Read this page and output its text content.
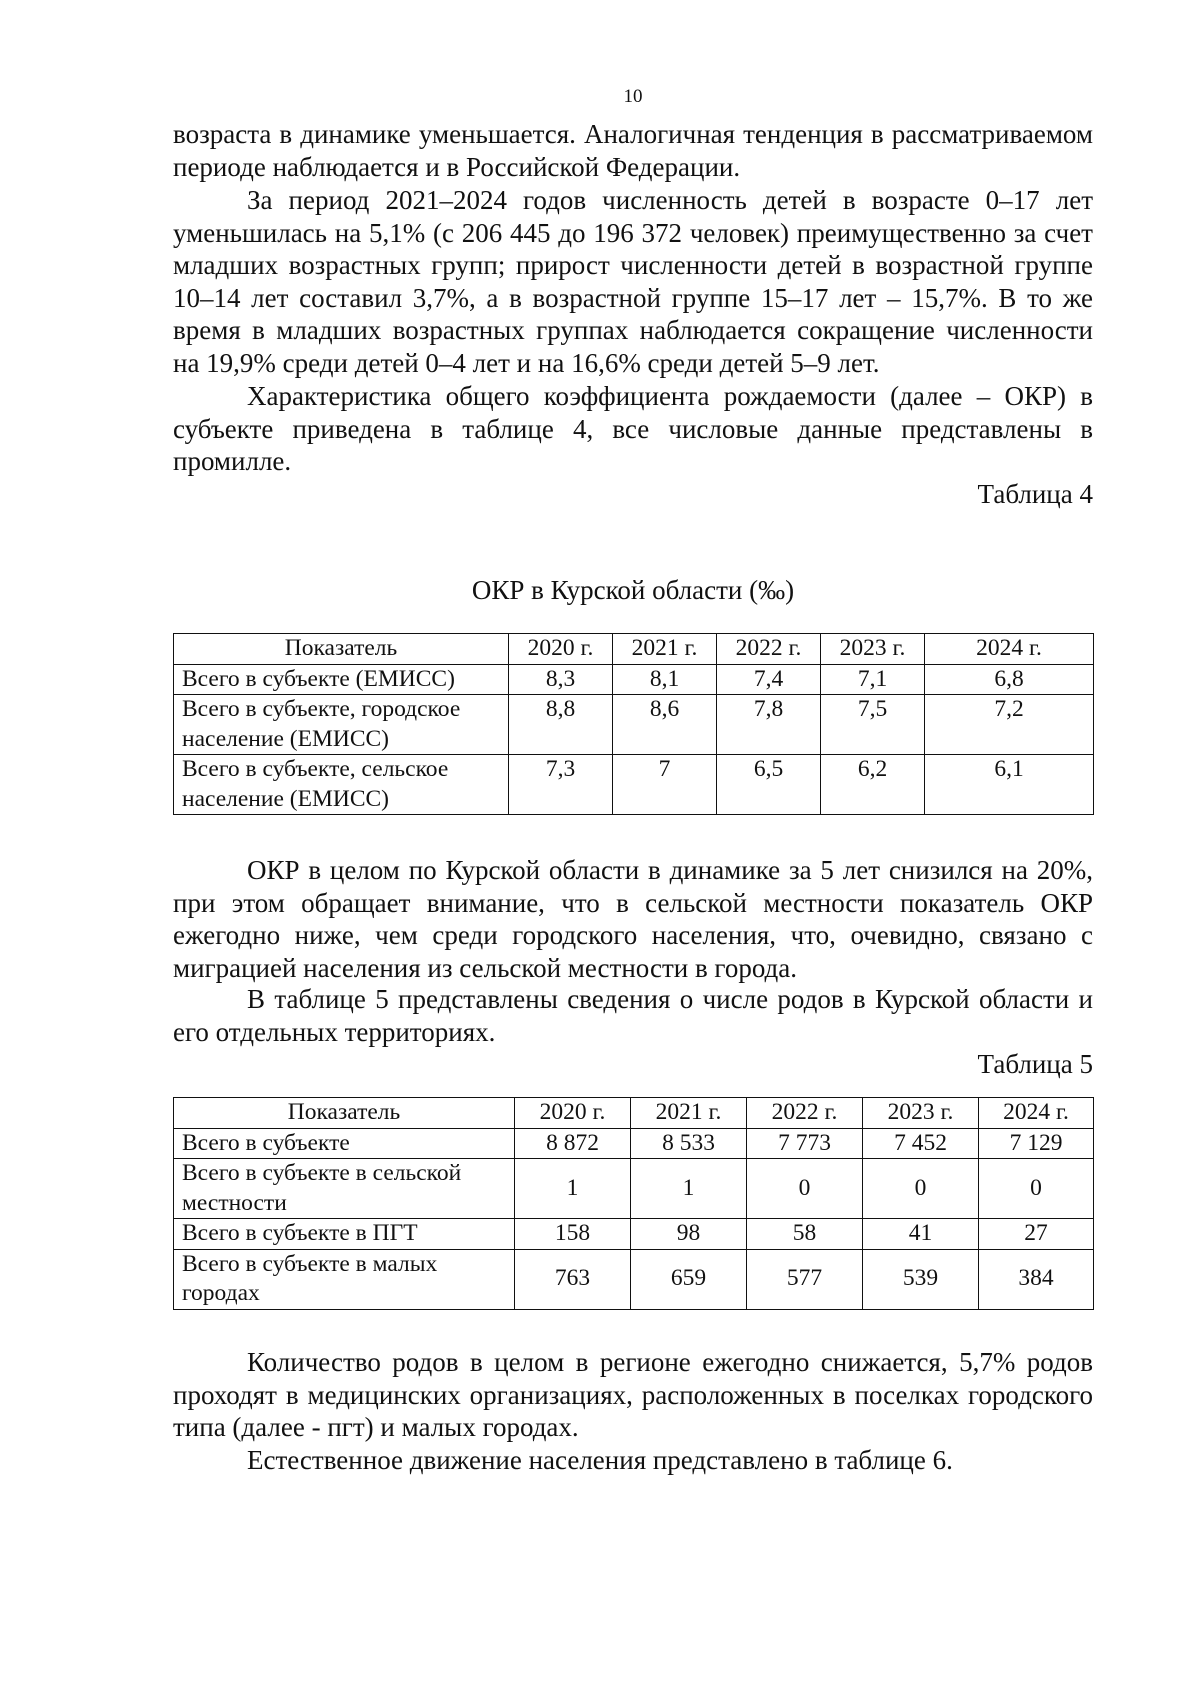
10

возраста в динамике уменьшается. Аналогичная тенденция в рассматриваемом периоде наблюдается и в Российской Федерации.

За период 2021–2024 годов численность детей в возрасте 0–17 лет уменьшилась на 5,1% (с 206 445 до 196 372 человек) преимущественно за счет младших возрастных групп; прирост численности детей в возрастной группе 10–14 лет составил 3,7%, а в возрастной группе 15–17 лет – 15,7%. В то же время в младших возрастных группах наблюдается сокращение численности на 19,9% среди детей 0–4 лет и на 16,6% среди детей 5–9 лет.

Характеристика общего коэффициента рождаемости (далее – ОКР) в субъекте приведена в таблице 4, все числовые данные представлены в промилле.

Таблица 4

ОКР в Курской области (‰)

Показатель	2020 г.	2021 г.	2022 г.	2023 г.	2024 г.
Всего в субъекте (ЕМИСС)	8,3	8,1	7,4	7,1	6,8
Всего в субъекте, городское население (ЕМИСС)	8,8	8,6	7,8	7,5	7,2
Всего в субъекте, сельское население (ЕМИСС)	7,3	7	6,5	6,2	6,1

ОКР в целом по Курской области в динамике за 5 лет снизился на 20%, при этом обращает внимание, что в сельской местности показатель ОКР ежегодно ниже, чем среди городского населения, что, очевидно, связано с миграцией населения из сельской местности в города.

В таблице 5 представлены сведения о числе родов в Курской области и его отдельных территориях.

Таблица 5

Показатель	2020 г.	2021 г.	2022 г.	2023 г.	2024 г.
Всего в субъекте	8 872	8 533	7 773	7 452	7 129
Всего в субъекте в сельской местности	1	1	0	0	0
Всего в субъекте в ПГТ	158	98	58	41	27
Всего в субъекте в малых городах	763	659	577	539	384

Количество родов в целом в регионе ежегодно снижается, 5,7% родов проходят в медицинских организациях, расположенных в поселках городского типа (далее - пгт) и малых городах.

Естественное движение населения представлено в таблице 6.
